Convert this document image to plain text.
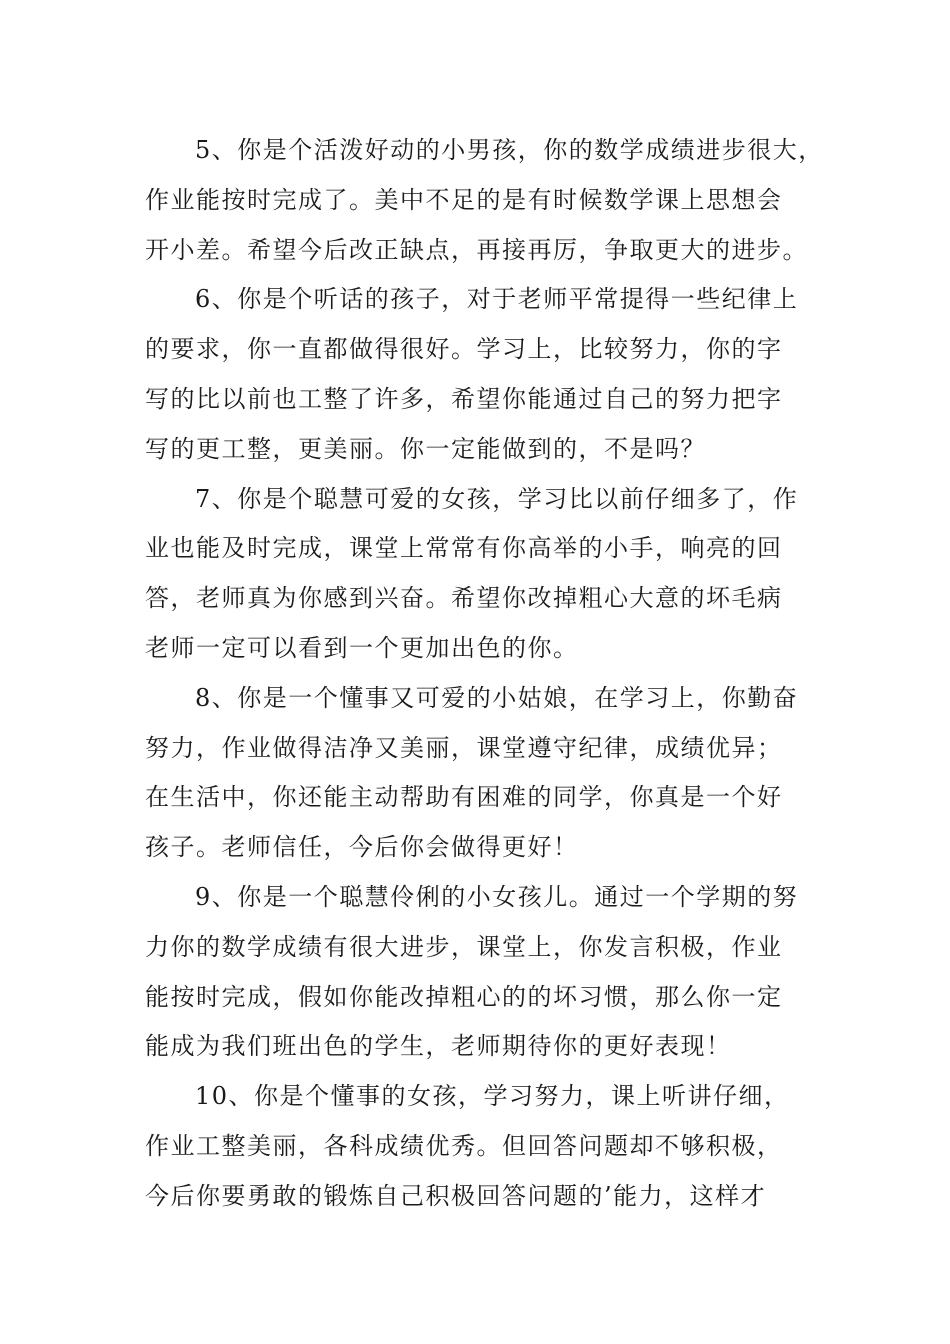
5、你是个活泼好动的小男孩，你的数学成绩进步很大，
作业能按时完成了。美中不足的是有时候数学课上思想会
开小差。希望今后改正缺点，再接再厉，争取更大的进步。
6、你是个听话的孩子，对于老师平常提得一些纪律上
的要求，你一直都做得很好。学习上，比较努力，你的字
写的比以前也工整了许多，希望你能通过自己的努力把字
写的更工整，更美丽。你一定能做到的，不是吗？
7、你是个聪慧可爱的女孩，学习比以前仔细多了，作
业也能及时完成，课堂上常常有你高举的小手，响亮的回
答，老师真为你感到兴奋。希望你改掉粗心大意的坏毛病
老师一定可以看到一个更加出色的你。
8、你是一个懂事又可爱的小姑娘，在学习上，你勤奋
努力，作业做得洁净又美丽，课堂遵守纪律，成绩优异；
在生活中，你还能主动帮助有困难的同学，你真是一个好
孩子。老师信任，今后你会做得更好！
9、你是一个聪慧伶俐的小女孩儿。通过一个学期的努
力你的数学成绩有很大进步，课堂上，你发言积极，作业
能按时完成，假如你能改掉粗心的的坏习惯，那么你一定
能成为我们班出色的学生，老师期待你的更好表现！
10、你是个懂事的女孩，学习努力，课上听讲仔细，
作业工整美丽，各科成绩优秀。但回答问题却不够积极，
今后你要勇敢的锻炼自己积极回答问题的’能力，这样才
